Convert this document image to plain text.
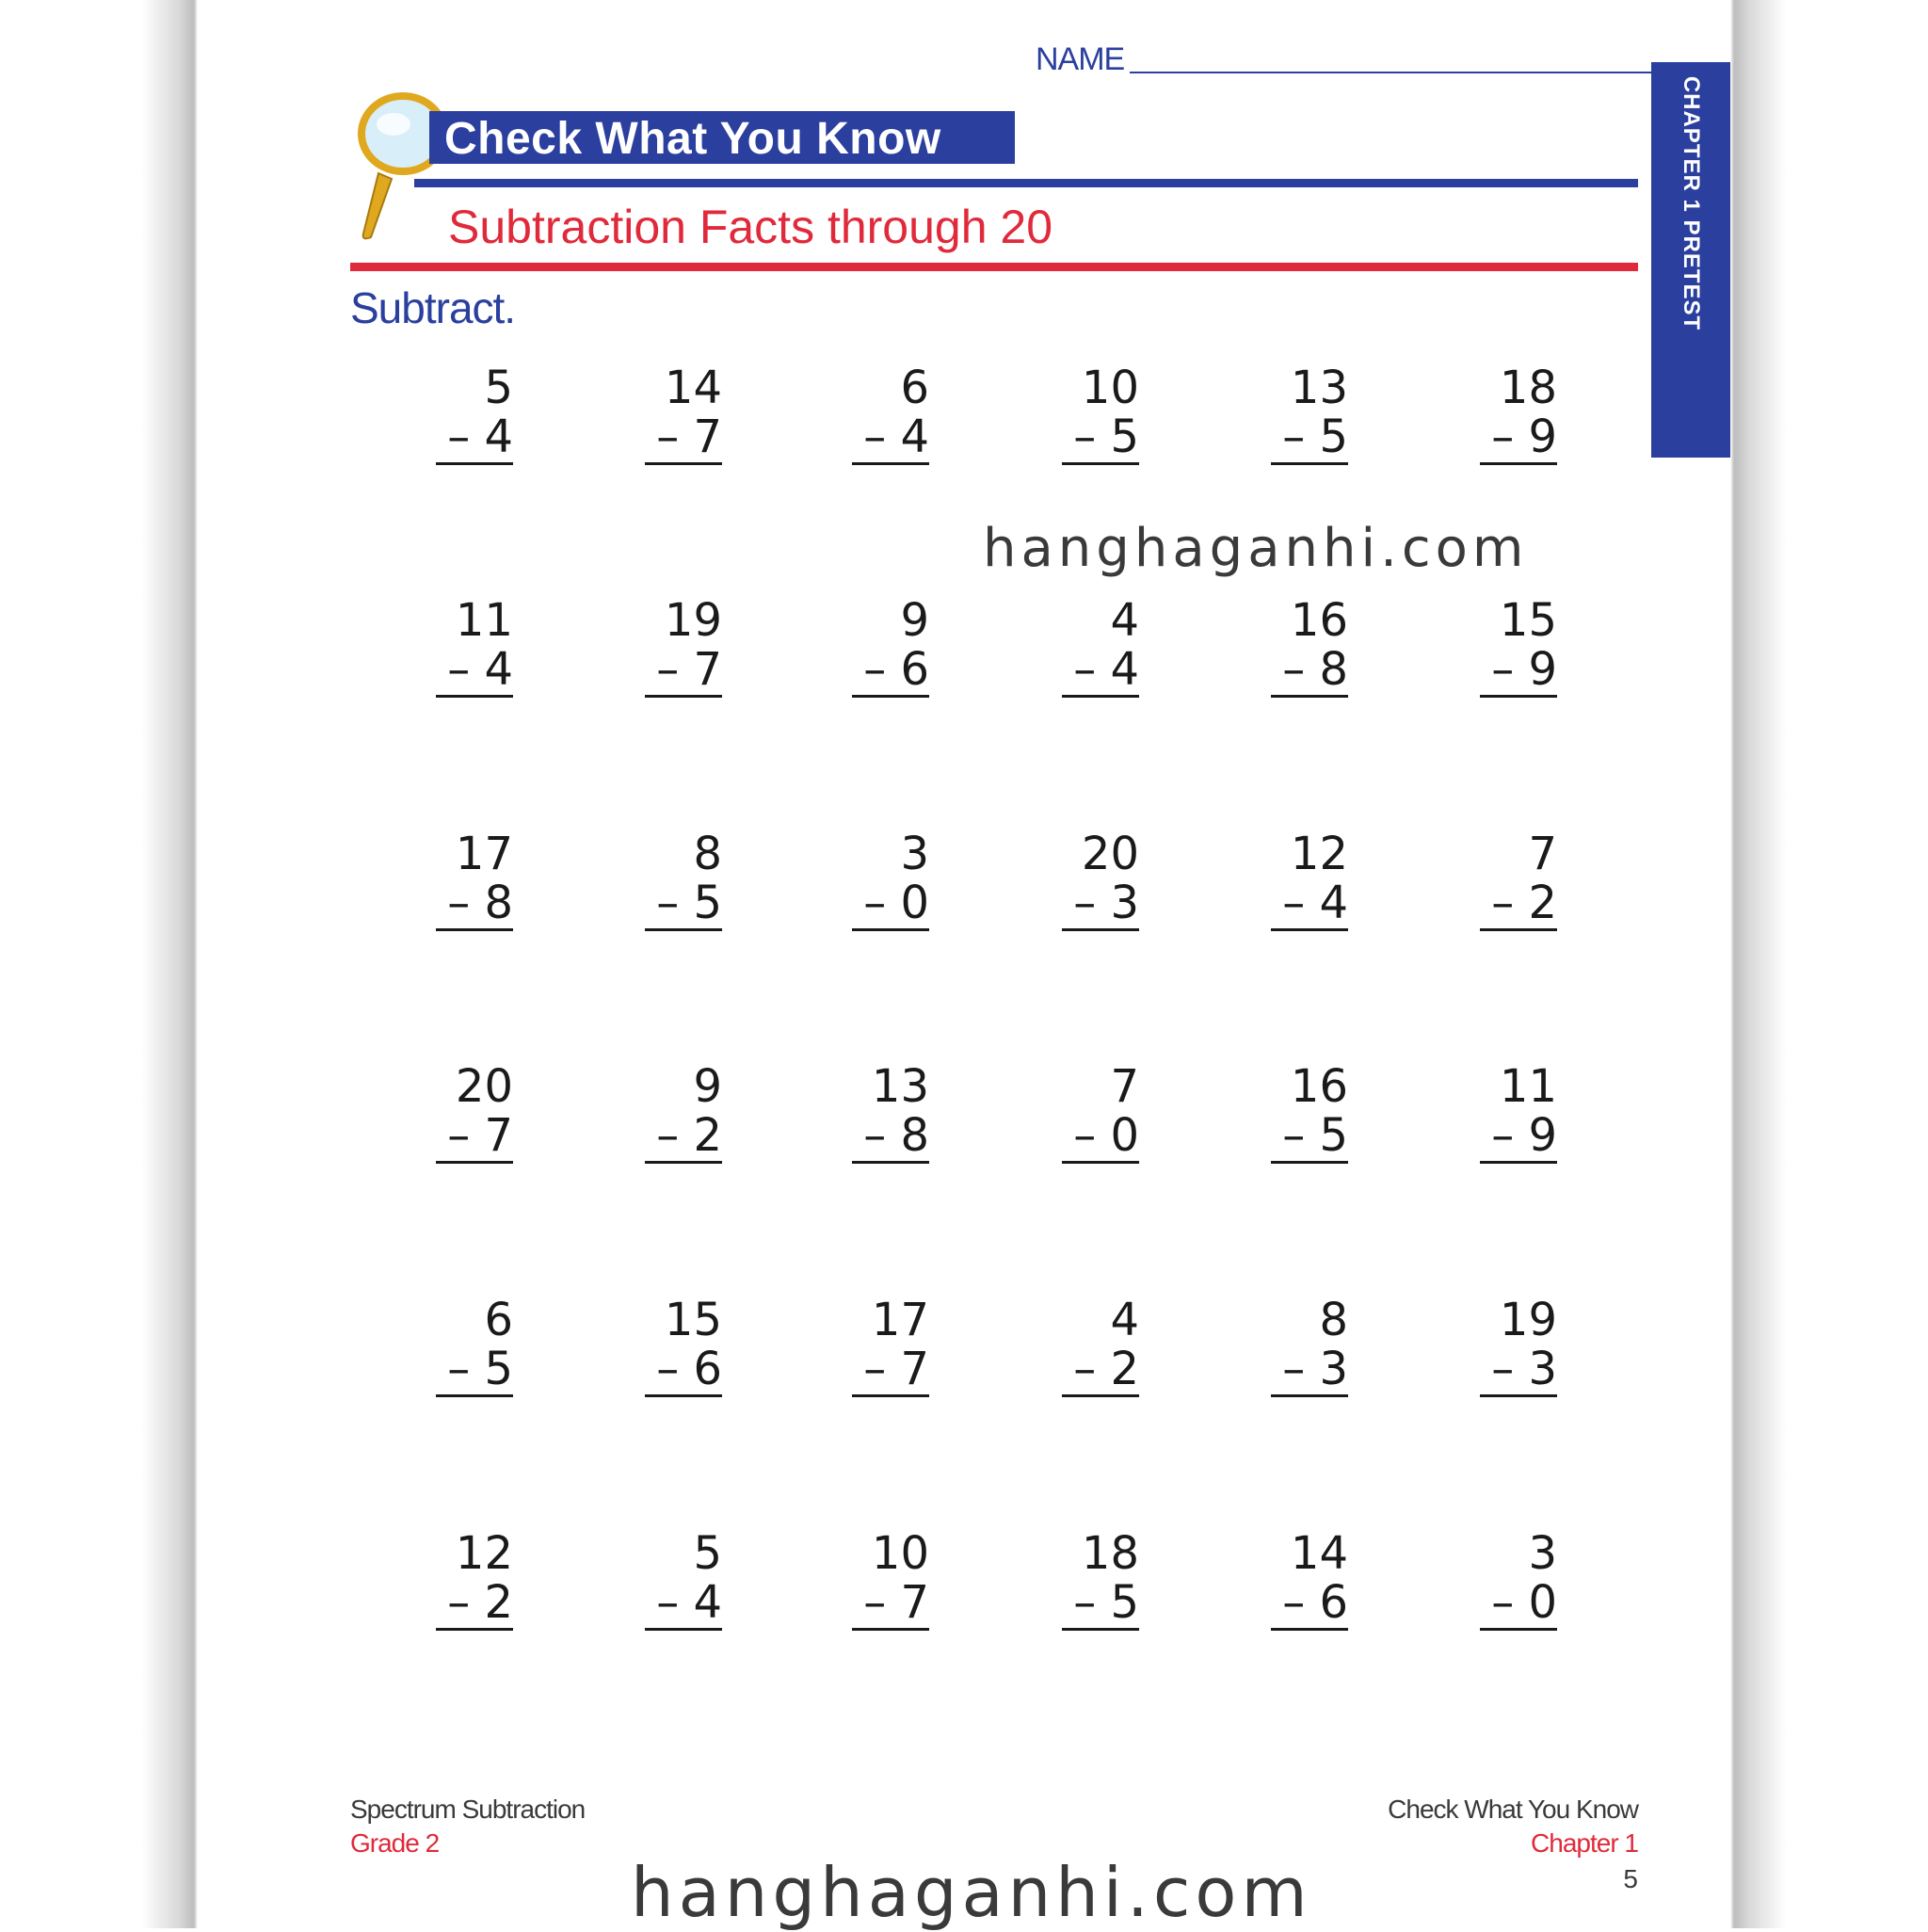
NAME
Check What You Know
Subtraction Facts through 20	CHAPTER 1 PRETEST
Subtract.
hanghaganhi.com
5
– 4
14
– 7
6
– 4
10
– 5
13
– 5
18
– 9
11
– 4
19
– 7
9
– 6
4
– 4
16
– 8
15
– 9
17
– 8
8
– 5
3
– 0
20
– 3
12
– 4
7
– 2
20
– 7
9
– 2
13
– 8
7
– 0
16
– 5
11
– 9
6
– 5
15
– 6
17
– 7
4
– 2
8
– 3
19
– 3
12
– 2
5
– 4
10
– 7
18
– 5
14
– 6
3
– 0
Spectrum Subtraction
Grade 2
Check What You Know
Chapter 1
5
hanghaganhi.com
